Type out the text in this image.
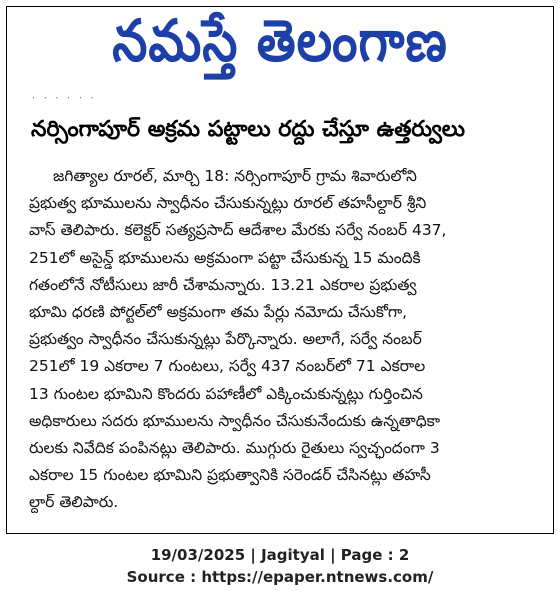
నమస్తే తెలంగాణ
ॱ ॱ ॱ ॱ ॱ ॱ
నర్సింగాపూర్ అక్రమ పట్టాలు రద్దు చేస్తూ ఉత్తర్వులు
జగిత్యాల రూరల్, మార్చి 18: నర్సింగాపూర్ గ్రామ శివారులోని
ప్రభుత్వ భూములను స్వాధీనం చేసుకున్నట్లు రూరల్ తహసీల్దార్ శ్రీని
వాస్ తెలిపారు. కలెక్టర్ సత్యప్రసాద్ ఆదేశాల మేరకు సర్వే నంబర్ 437,
251లో అసైన్డ్ భూములను అక్రమంగా పట్టా చేసుకున్న 15 మందికి
గతంలోనే నోటీసులు జారీ చేశామన్నారు. 13.21 ఎకరాల ప్రభుత్వ
భూమి ధరణి పోర్టల్‌లో అక్రమంగా తమ పేర్లు నమోదు చేసుకోగా,
ప్రభుత్వం స్వాధీనం చేసుకున్నట్లు పేర్కొన్నారు. అలాగే, సర్వే నంబర్
251లో 19 ఎకరాల 7 గుంటలు, సర్వే 437 నంబర్‌లో 71 ఎకరాల
13 గుంటల భూమిని కొందరు పహాణీలో ఎక్కించుకున్నట్లు గుర్తించిన
అధికారులు సదరు భూములను స్వాధీనం చేసుకునేందుకు ఉన్నతాధికా
రులకు నివేదిక పంపినట్లు తెలిపారు. ముగ్గురు రైతులు స్వచ్ఛందంగా 3
ఎకరాల 15 గుంటల భూమిని ప్రభుత్వానికి సరెండర్ చేసినట్లు తహసీ
ల్దార్ తెలిపారు.
19/03/2025 | Jagityal | Page : 2
Source : https://epaper.ntnews.com/
